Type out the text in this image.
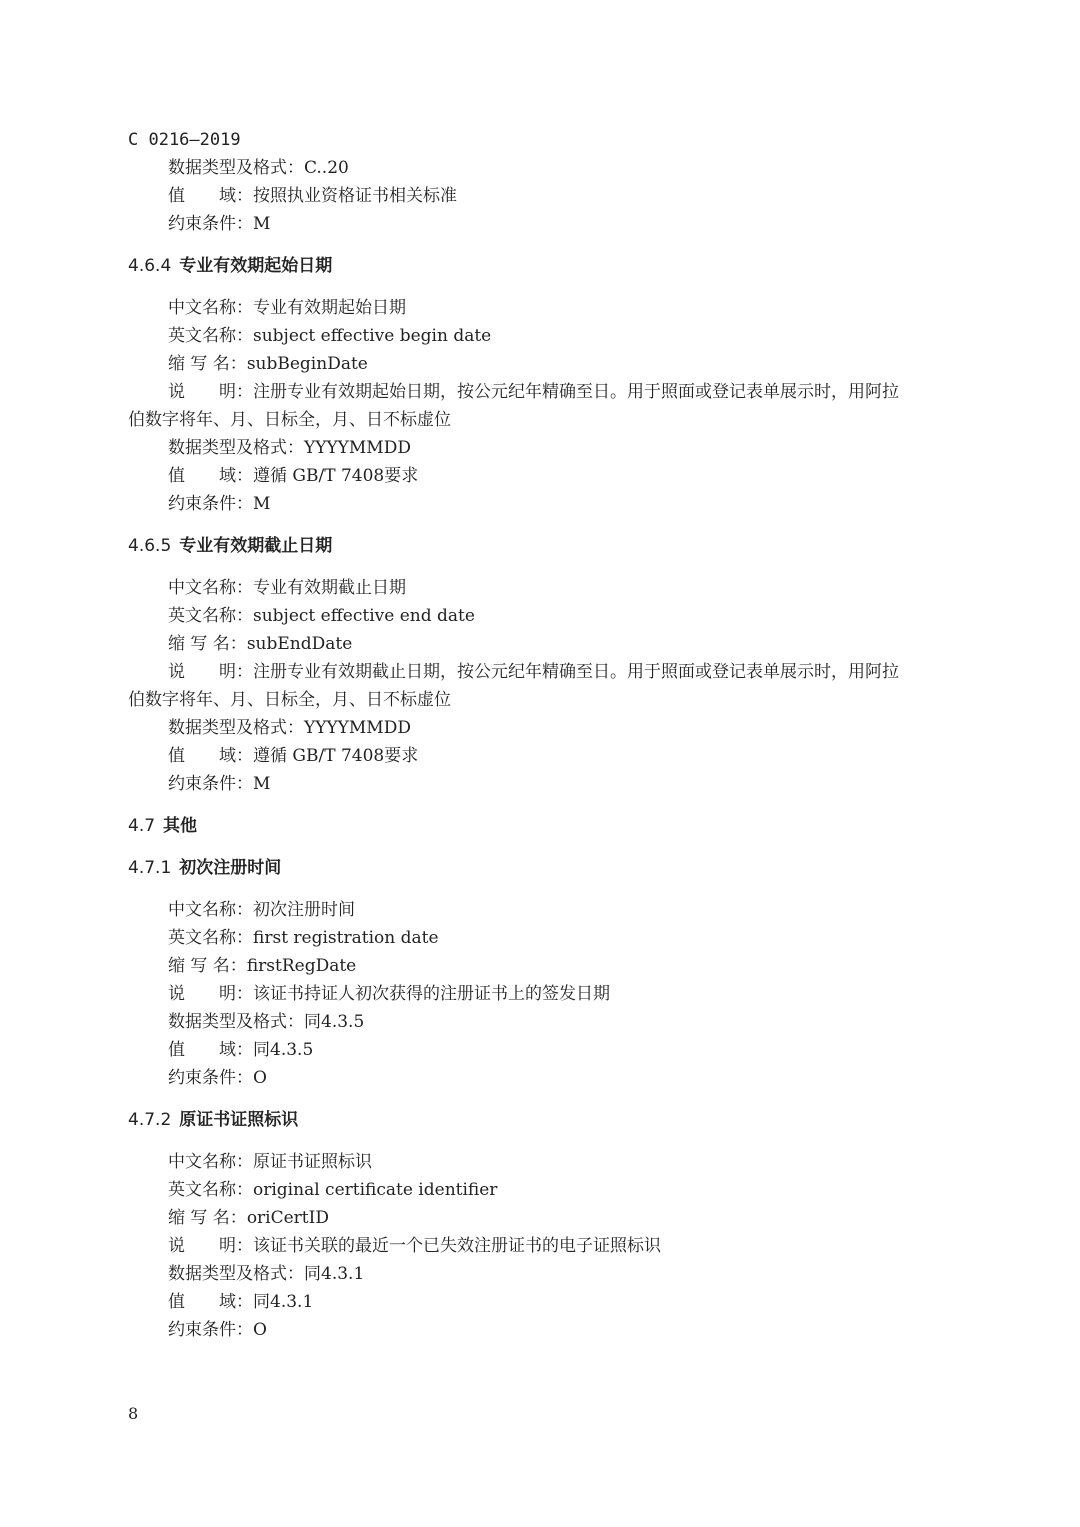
C 0216—2019
数据类型及格式：C..20
值　　域：按照执业资格证书相关标准
约束条件：M
4.6.4 专业有效期起始日期
中文名称：专业有效期起始日期
英文名称：subject effective begin date
缩 写 名：subBeginDate
说　　明：注册专业有效期起始日期，按公元纪年精确至日。用于照面或登记表单展示时，用阿拉
伯数字将年、月、日标全，月、日不标虚位
数据类型及格式：YYYYMMDD
值　　域：遵循 GB/T 7408要求
约束条件：M
4.6.5 专业有效期截止日期
中文名称：专业有效期截止日期
英文名称：subject effective end date
缩 写 名：subEndDate
说　　明：注册专业有效期截止日期，按公元纪年精确至日。用于照面或登记表单展示时，用阿拉
伯数字将年、月、日标全，月、日不标虚位
数据类型及格式：YYYYMMDD
值　　域：遵循 GB/T 7408要求
约束条件：M
4.7 其他
4.7.1 初次注册时间
中文名称：初次注册时间
英文名称：first registration date
缩 写 名：firstRegDate
说　　明：该证书持证人初次获得的注册证书上的签发日期
数据类型及格式：同4.3.5
值　　域：同4.3.5
约束条件：O
4.7.2 原证书证照标识
中文名称：原证书证照标识
英文名称：original certificate identifier
缩 写 名：oriCertID
说　　明：该证书关联的最近一个已失效注册证书的电子证照标识
数据类型及格式：同4.3.1
值　　域：同4.3.1
约束条件：O
8
